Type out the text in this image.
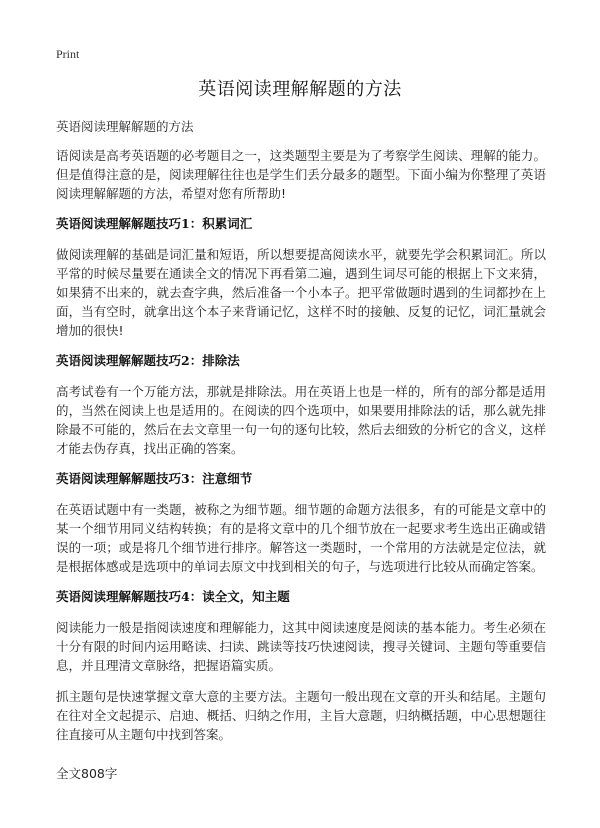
Print
英语阅读理解解题的方法

英语阅读理解解题的方法

语阅读是高考英语题的必考题目之一，这类题型主要是为了考察学生阅读、理解的能力。但是值得注意的是，阅读理解往往也是学生们丢分最多的题型。下面小编为你整理了英语阅读理解解题的方法，希望对您有所帮助!

英语阅读理解解题技巧1：积累词汇

做阅读理解的基础是词汇量和短语，所以想要提高阅读水平，就要先学会积累词汇。所以平常的时候尽量要在通读全文的情况下再看第二遍，遇到生词尽可能的根据上下文来猜，如果猜不出来的，就去查字典，然后准备一个小本子。把平常做题时遇到的生词都抄在上面，当有空时，就拿出这个本子来背诵记忆，这样不时的接触、反复的记忆，词汇量就会增加的很快!

英语阅读理解解题技巧2：排除法

高考试卷有一个万能方法，那就是排除法。用在英语上也是一样的，所有的部分都是适用的，当然在阅读上也是适用的。在阅读的四个选项中，如果要用排除法的话，那么就先排除最不可能的，然后在去文章里一句一句的逐句比较，然后去细致的分析它的含义，这样才能去伪存真，找出正确的答案。

英语阅读理解解题技巧3：注意细节

在英语试题中有一类题，被称之为细节题。细节题的命题方法很多，有的可能是文章中的某一个细节用同义结构转换；有的是将文章中的几个细节放在一起要求考生选出正确或错误的一项；或是将几个细节进行排序。解答这一类题时，一个常用的方法就是定位法，就是根据体感或是选项中的单词去原文中找到相关的句子，与选项进行比较从而确定答案。

英语阅读理解解题技巧4：读全文，知主题

阅读能力一般是指阅读速度和理解能力，这其中阅读速度是阅读的基本能力。考生必须在十分有限的时间内运用略读、扫读、跳读等技巧快速阅读，搜寻关键词、主题句等重要信息，并且理清文章脉络，把握语篇实质。

抓主题句是快速掌握文章大意的主要方法。主题句一般出现在文章的开头和结尾。主题句在往对全文起提示、启迪、概括、归纳之作用，主旨大意题，归纳概括题，中心思想题往往直接可从主题句中找到答案。

全文808字
